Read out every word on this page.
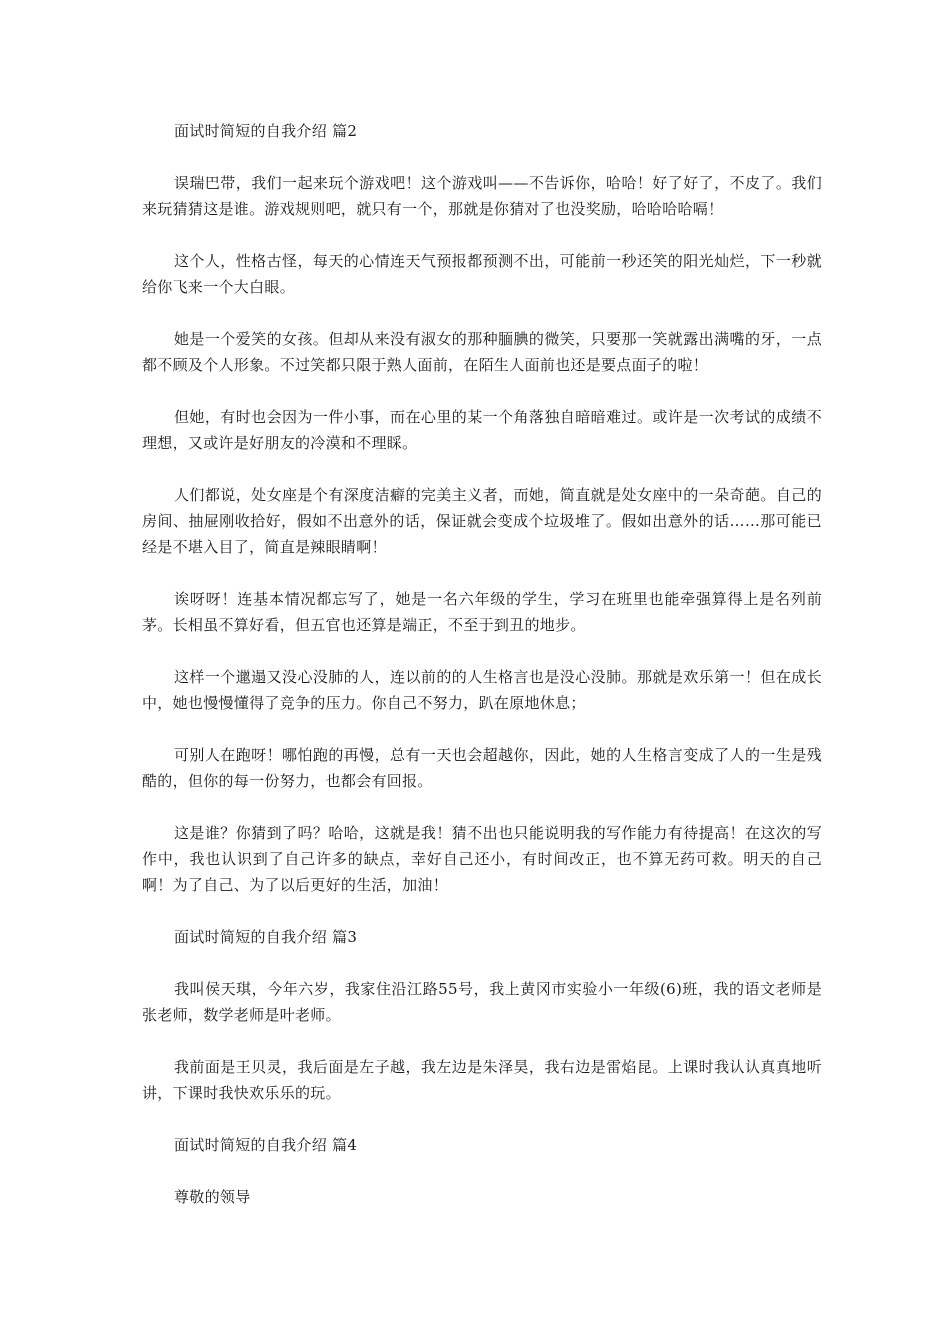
面试时简短的自我介绍 篇2

误瑞巴带，我们一起来玩个游戏吧！这个游戏叫——不告诉你，哈哈！好了好了，不皮了。我们来玩猜猜这是谁。游戏规则吧，就只有一个，那就是你猜对了也没奖励，哈哈哈哈嗝！

这个人，性格古怪，每天的心情连天气预报都预测不出，可能前一秒还笑的阳光灿烂，下一秒就给你飞来一个大白眼。

她是一个爱笑的女孩。但却从来没有淑女的那种腼腆的微笑，只要那一笑就露出满嘴的牙，一点都不顾及个人形象。不过笑都只限于熟人面前，在陌生人面前也还是要点面子的啦！

但她，有时也会因为一件小事，而在心里的某一个角落独自暗暗难过。或许是一次考试的成绩不理想，又或许是好朋友的冷漠和不理睬。

人们都说，处女座是个有深度洁癖的完美主义者，而她，简直就是处女座中的一朵奇葩。自己的房间、抽屉刚收拾好，假如不出意外的话，保证就会变成个垃圾堆了。假如出意外的话……那可能已经是不堪入目了，简直是辣眼睛啊！

诶呀呀！连基本情况都忘写了，她是一名六年级的学生，学习在班里也能牵强算得上是名列前茅。长相虽不算好看，但五官也还算是端正，不至于到丑的地步。

这样一个邋遢又没心没肺的人，连以前的的人生格言也是没心没肺。那就是欢乐第一！但在成长中，她也慢慢懂得了竞争的压力。你自己不努力，趴在原地休息；

可别人在跑呀！哪怕跑的再慢，总有一天也会超越你，因此，她的人生格言变成了人的一生是残酷的，但你的每一份努力，也都会有回报。

这是谁？你猜到了吗？哈哈，这就是我！猜不出也只能说明我的写作能力有待提高！在这次的写作中，我也认识到了自己许多的缺点，幸好自己还小，有时间改正，也不算无药可救。明天的自己啊！为了自己、为了以后更好的生活，加油！

面试时简短的自我介绍 篇3

我叫侯天琪，今年六岁，我家住沿江路55号，我上黄冈市实验小一年级(6)班，我的语文老师是张老师，数学老师是叶老师。

我前面是王贝灵，我后面是左子越，我左边是朱泽昊，我右边是雷焰昆。上课时我认认真真地听讲，下课时我快欢乐乐的玩。

面试时简短的自我介绍 篇4

尊敬的领导
